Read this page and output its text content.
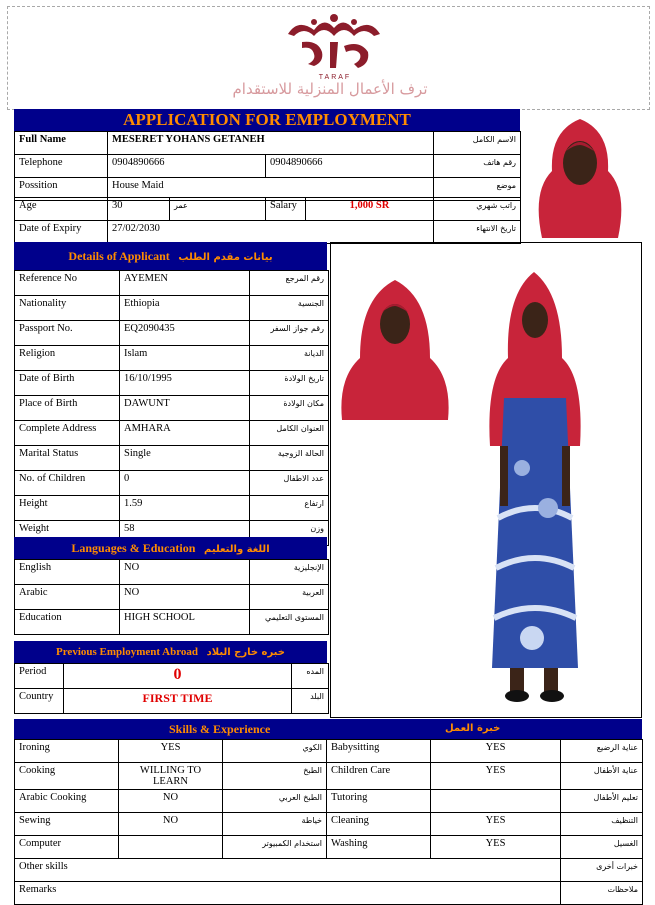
TARAF
ترف الأعمال المنزلية للاستقدام
APPLICATION FOR EMPLOYMENT
Full Name	MESERET YOHANS GETANEH		الاسم الكامل
Telephone	0904890666	0904890666	رقم هاتف
Possition	House Maid		موضع
Age	30	عمر	Salary	1,000 SR	راتب شهري
Date of Expiry	27/02/2030				تاريخ الانتهاء
Details of Applicant بيانات مقدم الطلب
Reference No	AYEMEN	رقم المرجع
Nationality	Ethiopia	الجنسية
Passport No.	EQ2090435	رقم جواز السفر
Religion	Islam	الديانة
Date of Birth	16/10/1995	تاريخ الولادة
Place of Birth	DAWUNT	مكان الولادة
Complete Address	AMHARA	العنوان الكامل
Marital Status	Single	الحالة الزوجية
No. of Children	0	عدد الاطفال
Height	1.59	ارتفاع
Weight	58	وزن
Languages & Education اللغة والتعليم
English	NO	الإنجليزية
Arabic	NO	العربية
Education	HIGH SCHOOL	المستوى التعليمي
Previous Employment Abroad خبره خارج البلاد
Period	0	المده
Country	FIRST TIME	البلد
Skills & Experience	خبرة العمل
Ironing	YES	الكوي	Babysitting	YES	عناية الرضيع
Cooking	WILLING TO LEARN	الطبخ	Children Care	YES	عناية الأطفال
Arabic Cooking	NO	الطبخ العربي	Tutoring		تعليم الأطفال
Sewing	NO	خياطة	Cleaning	YES	التنظيف
Computer		استخدام الكمبيوتر	Washing	YES	الغسيل
Other skills					خبرات أخرى
Remarks					ملاحظات
